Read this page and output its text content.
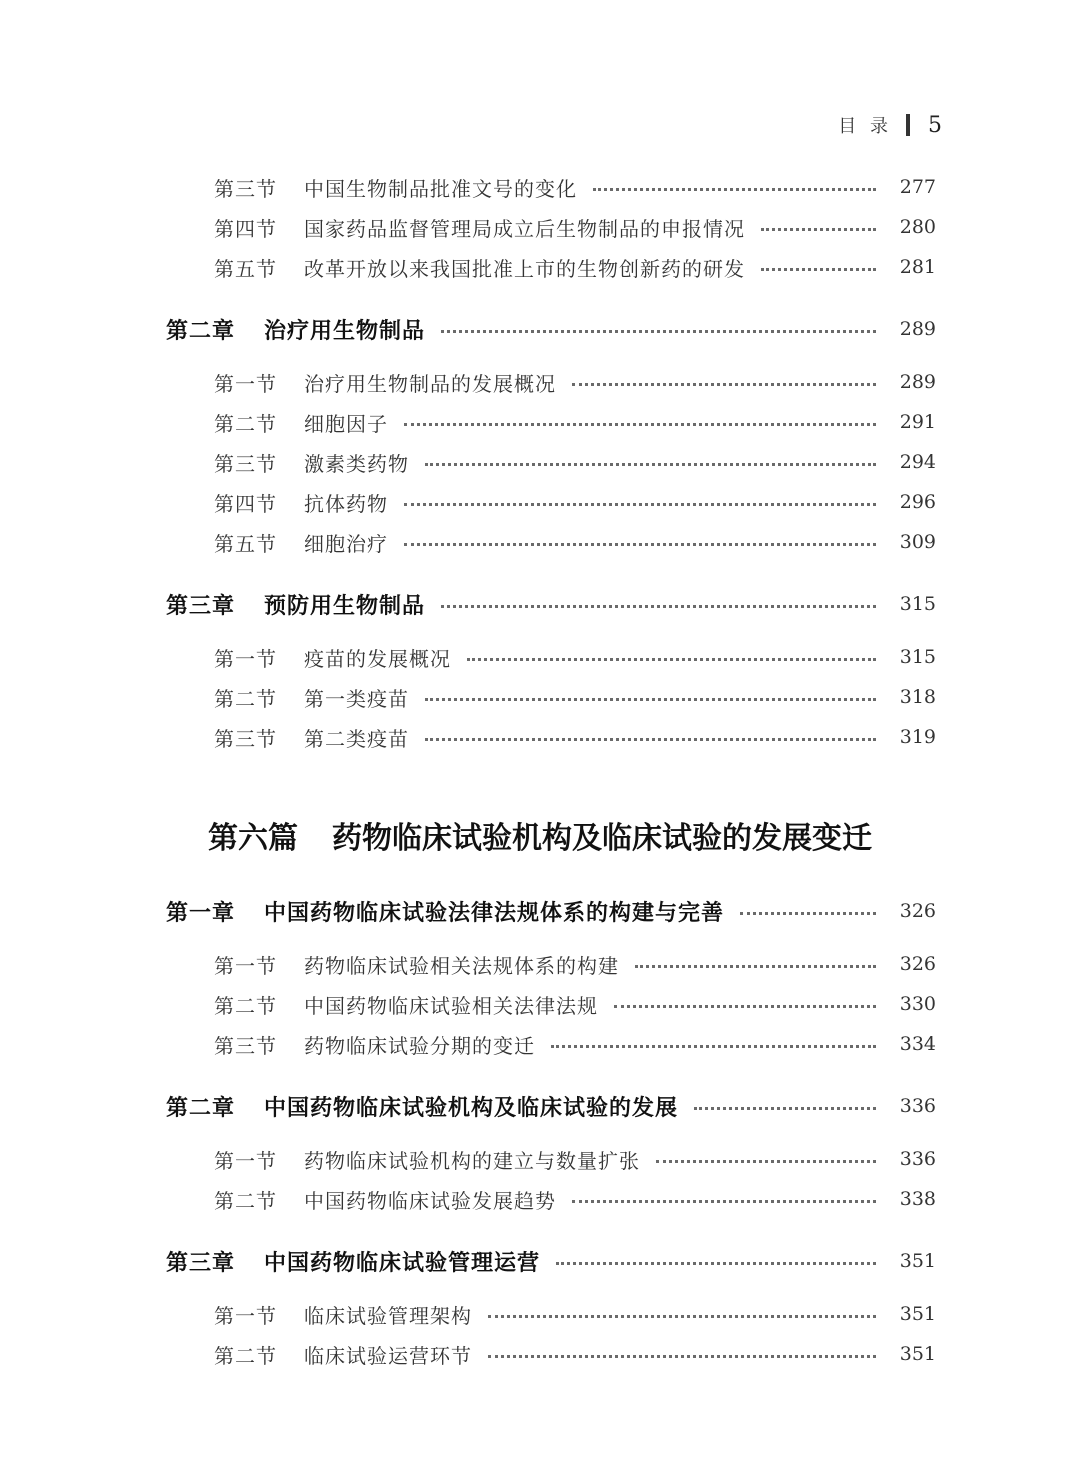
目 录 5
第三节 中国生物制品批准文号的变化	277
第四节 国家药品监督管理局成立后生物制品的申报情况	280
第五节 改革开放以来我国批准上市的生物创新药的研发	281
第二章 治疗用生物制品	289
第一节 治疗用生物制品的发展概况	289
第二节 细胞因子	291
第三节 激素类药物	294
第四节 抗体药物	296
第五节 细胞治疗	309
第三章 预防用生物制品	315
第一节 疫苗的发展概况	315
第二节 第一类疫苗	318
第三节 第二类疫苗	319
第一章 中国药物临床试验法律法规体系的构建与完善	326
第一节 药物临床试验相关法规体系的构建	326
第二节 中国药物临床试验相关法律法规	330
第三节 药物临床试验分期的变迁	334
第二章 中国药物临床试验机构及临床试验的发展	336
第一节 药物临床试验机构的建立与数量扩张	336
第二节 中国药物临床试验发展趋势	338
第三章 中国药物临床试验管理运营	351
第一节 临床试验管理架构	351
第二节 临床试验运营环节	351
第六篇 药物临床试验机构及临床试验的发展变迁
